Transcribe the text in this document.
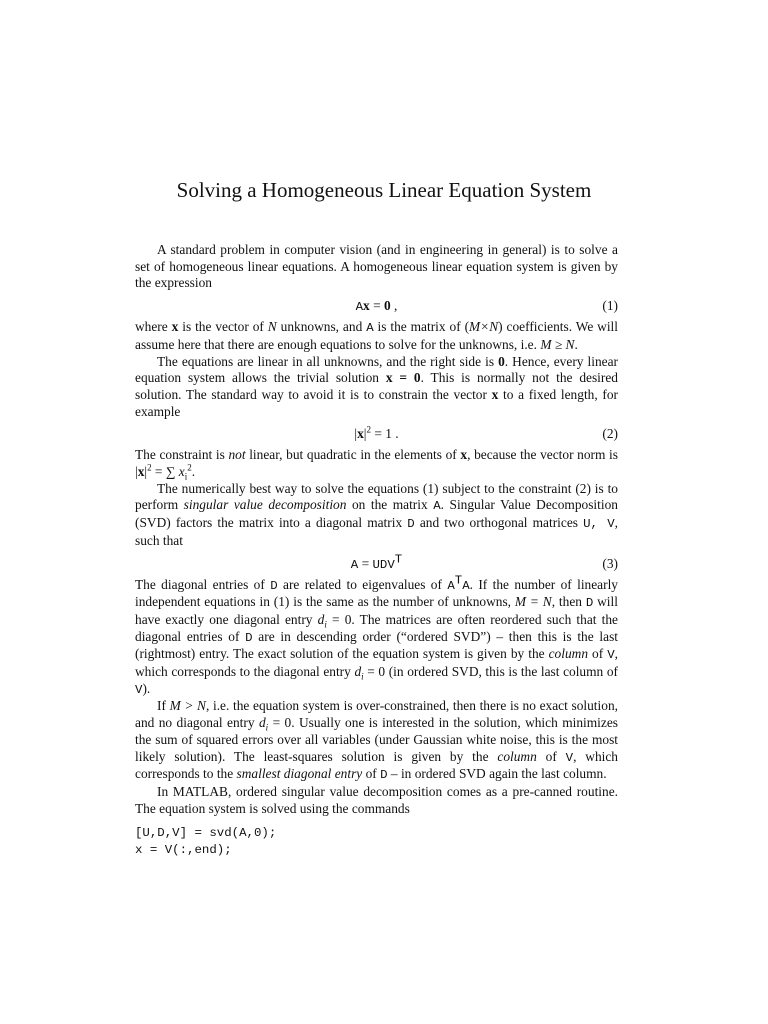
Solving a Homogeneous Linear Equation System

A standard problem in computer vision (and in engineering in general) is to solve a set of homogeneous linear equations. A homogeneous linear equation system is given by the expression

Ax = 0 ,	(1)

where x is the vector of N unknowns, and A is the matrix of (M×N) coefficients. We will assume here that there are enough equations to solve for the unknowns, i.e. M ≥ N.

The equations are linear in all unknowns, and the right side is 0. Hence, every linear equation system allows the trivial solution x = 0. This is normally not the desired solution. The standard way to avoid it is to constrain the vector x to a fixed length, for example

$|x|^2 = 1$ .	(2)

The constraint is not linear, but quadratic in the elements of x, because the vector norm is $|x|^2$ = ∑ $x_i^2$.

The numerically best way to solve the equations (1) subject to the constraint (2) is to perform singular value decomposition on the matrix A. Singular Value Decomposition (SVD) factors the matrix into a diagonal matrix D and two orthogonal matrices U, V, such that

$A = UDV^T$	(3)

The diagonal entries of D are related to eigenvalues of $A^TA$. If the number of linearly independent equations in (1) is the same as the number of unknowns, M = N, then D will have exactly one diagonal entry $d_i = 0$. The matrices are often reordered such that the diagonal entries of D are in descending order (“ordered SVD”) – then this is the last (rightmost) entry. The exact solution of the equation system is given by the column of V, which corresponds to the diagonal entry $d_i = 0$ (in ordered SVD, this is the last column of V).

If M > N, i.e. the equation system is over-constrained, then there is no exact solution, and no diagonal entry $d_i = 0$. Usually one is interested in the solution, which minimizes the sum of squared errors over all variables (under Gaussian white noise, this is the most likely solution). The least-squares solution is given by the column of V, which corresponds to the smallest diagonal entry of D – in ordered SVD again the last column.

In MATLAB, ordered singular value decomposition comes as a pre-canned routine. The equation system is solved using the commands

[U,D,V] = svd(A,0);
x = V(:,end);
